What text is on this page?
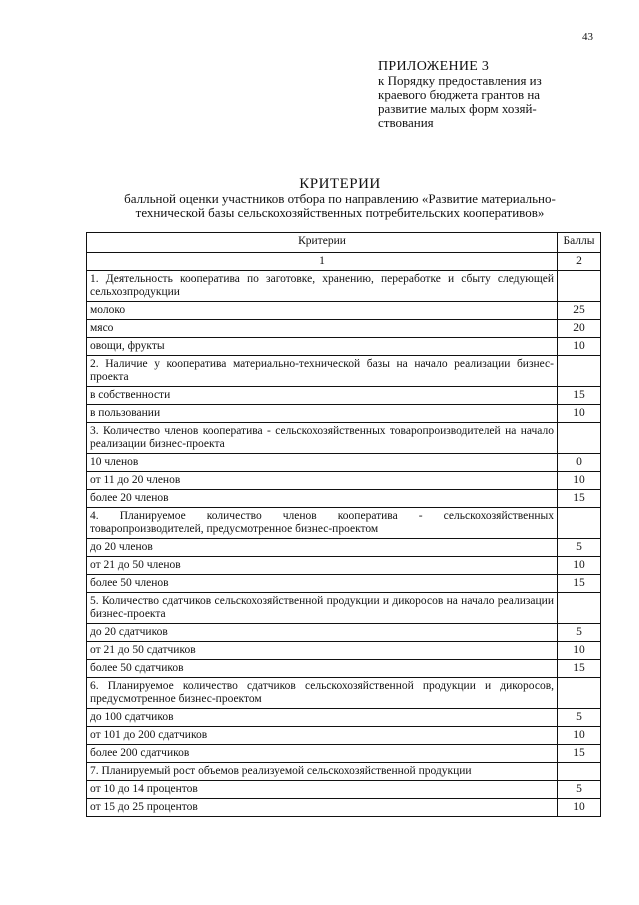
43
ПРИЛОЖЕНИЕ 3
к Порядку предоставления из
краевого бюджета грантов на
развитие малых форм хозяй-
ствования
КРИТЕРИИ
балльной оценки участников отбора по направлению «Развитие материально-
технической базы сельскохозяйственных потребительских кооперативов»
Критерии	Баллы
1	2
1. Деятельность кооператива по заготовке, хранению, переработке и сбыту следующей сельхозпродукции	
молоко	25
мясо	20
овощи, фрукты	10
2. Наличие у кооператива материально-технической базы на начало реализации бизнес-проекта	
в собственности	15
в пользовании	10
3. Количество членов кооператива - сельскохозяйственных товаропроизводителей на начало реализации бизнес-проекта	
10 членов	0
от 11 до 20 членов	10
более 20 членов	15
4. Планируемое количество членов кооператива - сельскохозяйственных товаропроизводителей, предусмотренное бизнес-проектом	
до 20 членов	5
от 21 до 50 членов	10
более 50 членов	15
5. Количество сдатчиков сельскохозяйственной продукции и дикоросов на начало реализации бизнес-проекта	
до 20 сдатчиков	5
от 21 до 50 сдатчиков	10
более 50 сдатчиков	15
6. Планируемое количество сдатчиков сельскохозяйственной продукции и дикоросов, предусмотренное бизнес-проектом	
до 100 сдатчиков	5
от 101 до 200 сдатчиков	10
более 200 сдатчиков	15
7. Планируемый рост объемов реализуемой сельскохозяйственной продукции	
от 10 до 14 процентов	5
от 15 до 25 процентов	10
